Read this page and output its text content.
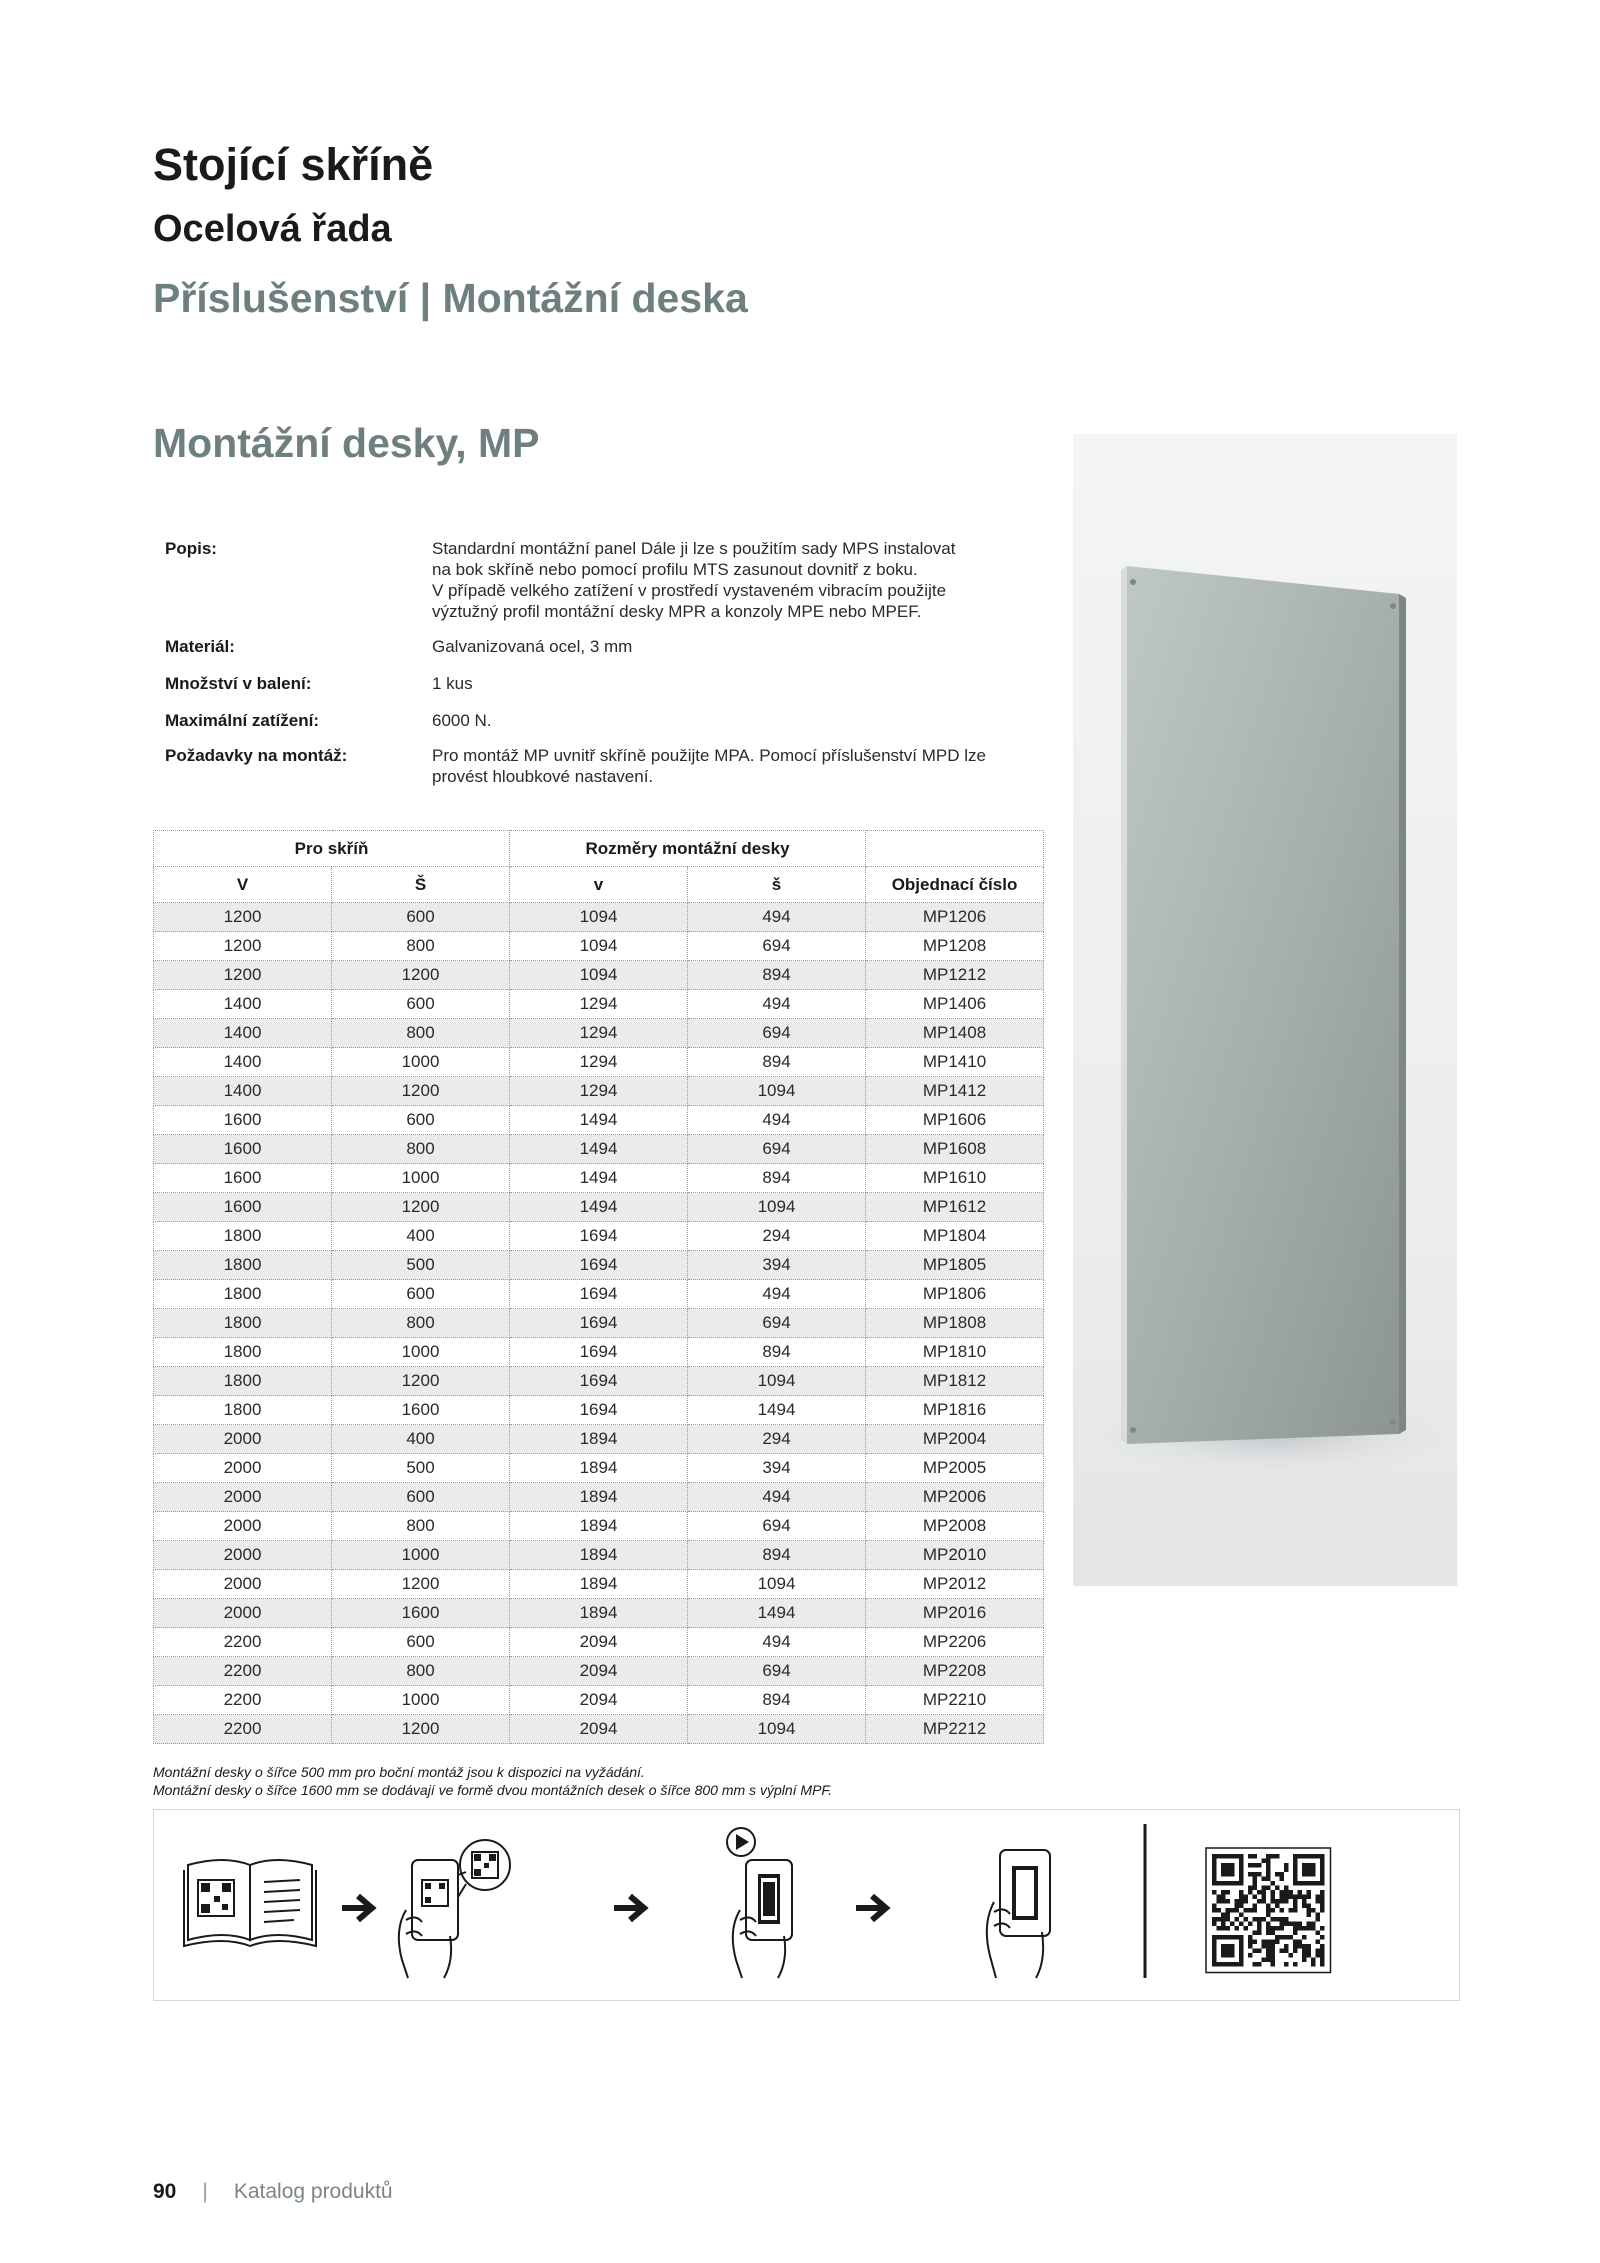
Stojící skříně
Ocelová řada
Příslušenství | Montážní deska
Montážní desky, MP
Popis:	Standardní montážní panel Dále ji lze s použitím sady MPS instalovat
na bok skříně nebo pomocí profilu MTS zasunout dovnitř z boku.
V případě velkého zatížení v prostředí vystaveném vibracím použijte
výztužný profil montážní desky MPR a konzoly MPE nebo MPEF.
Materiál:	Galvanizovaná ocel, 3 mm
Množství v balení:	1 kus
Maximální zatížení:	6000 N.
Požadavky na montáž:	Pro montáž MP uvnitř skříně použijte MPA. Pomocí příslušenství MPD lze
provést hloubkové nastavení.
Pro skříň		Rozměry montážní desky		
V	Š	v	š	Objednací číslo
1200	600	1094	494	MP1206
1200	800	1094	694	MP1208
1200	1200	1094	894	MP1212
1400	600	1294	494	MP1406
1400	800	1294	694	MP1408
1400	1000	1294	894	MP1410
1400	1200	1294	1094	MP1412
1600	600	1494	494	MP1606
1600	800	1494	694	MP1608
1600	1000	1494	894	MP1610
1600	1200	1494	1094	MP1612
1800	400	1694	294	MP1804
1800	500	1694	394	MP1805
1800	600	1694	494	MP1806
1800	800	1694	694	MP1808
1800	1000	1694	894	MP1810
1800	1200	1694	1094	MP1812
1800	1600	1694	1494	MP1816
2000	400	1894	294	MP2004
2000	500	1894	394	MP2005
2000	600	1894	494	MP2006
2000	800	1894	694	MP2008
2000	1000	1894	894	MP2010
2000	1200	1894	1094	MP2012
2000	1600	1894	1494	MP2016
2200	600	2094	494	MP2206
2200	800	2094	694	MP2208
2200	1000	2094	894	MP2210
2200	1200	2094	1094	MP2212
Montážní desky o šířce 500 mm pro boční montáž jsou k dispozici na vyžádání.
Montážní desky o šířce 1600 mm se dodávají ve formě dvou montážních desek o šířce 800 mm s výplní MPF.
90 | Katalog produktů
